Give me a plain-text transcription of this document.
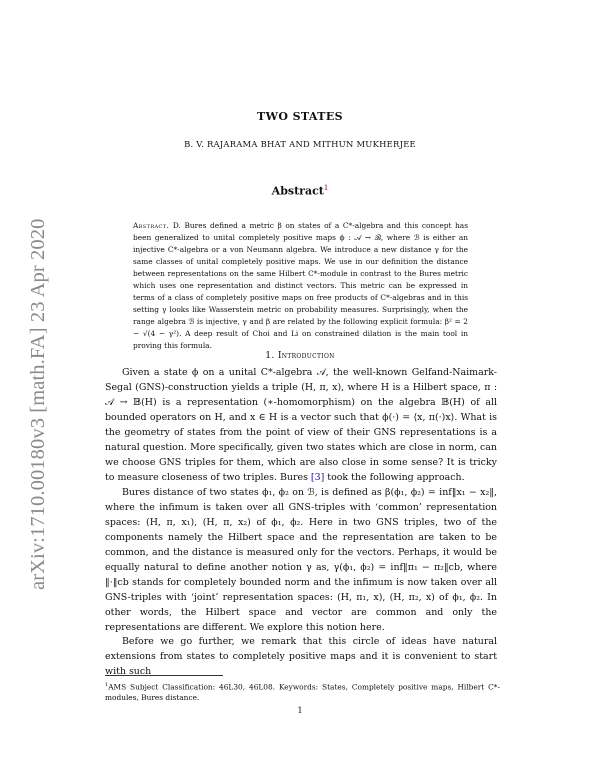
arXiv:1710.00180v3 [math.FA] 23 Apr 2020
TWO STATES
B. V. RAJARAMA BHAT AND MITHUN MUKHERJEE
Abstract$^1$
Abstract. D. Bures defined a metric β on states of a C*-algebra and this concept has been generalized to unital completely positive maps ϕ : 𝒜 → ℬ, where ℬ is either an injective C*-algebra or a von Neumann algebra. We introduce a new distance γ for the same classes of unital completely positive maps. We use in our definition the distance between representations on the same Hilbert C*-module in contrast to the Bures metric which uses one representation and distinct vectors. This metric can be expressed in terms of a class of completely positive maps on free products of C*-algebras and in this setting γ looks like Wasserstein metric on probability measures. Surprisingly, when the range algebra ℬ is injective, γ and β are related by the following explicit formula: β² = 2 − √(4 − γ²). A deep result of Choi and Li on constrained dilation is the main tool in proving this formula.
1. Introduction
Given a state ϕ on a unital C*-algebra 𝒜, the well-known Gelfand-Naimark-Segal (GNS)-construction yields a triple (H, π, x), where H is a Hilbert space, π : 𝒜 → 𝔹(H) is a representation (∗-homomorphism) on the algebra 𝔹(H) of all bounded operators on H, and x ∈ H is a vector such that ϕ(·) = ⟨x, π(·)x⟩. What is the geometry of states from the point of view of their GNS representations is a natural question. More specifically, given two states which are close in norm, can we choose GNS triples for them, which are also close in some sense? It is tricky to measure closeness of two triples. Bures [3] took the following approach.
Bures distance of two states ϕ₁, ϕ₂ on ℬ, is defined as β(ϕ₁, ϕ₂) = inf‖x₁ − x₂‖, where the infimum is taken over all GNS-triples with ‘common’ representation spaces: (H, π, x₁), (H, π, x₂) of ϕ₁, ϕ₂. Here in two GNS triples, two of the components namely the Hilbert space and the representation are taken to be common, and the distance is measured only for the vectors. Perhaps, it would be equally natural to define another notion γ as, γ(ϕ₁, ϕ₂) = inf‖π₁ − π₂‖cb, where ‖·‖cb stands for completely bounded norm and the infimum is now taken over all GNS-triples with ‘joint’ representation spaces: (H, π₁, x), (H, π₂, x) of ϕ₁, ϕ₂. In other words, the Hilbert space and vector are common and only the representations are different. We explore this notion here.
Before we go further, we remark that this circle of ideas have natural extensions from states to completely positive maps and it is convenient to start with such
$^1$AMS Subject Classification: 46L30, 46L08. Keywords: States, Completely positive maps, Hilbert C*-modules, Bures distance.
1
